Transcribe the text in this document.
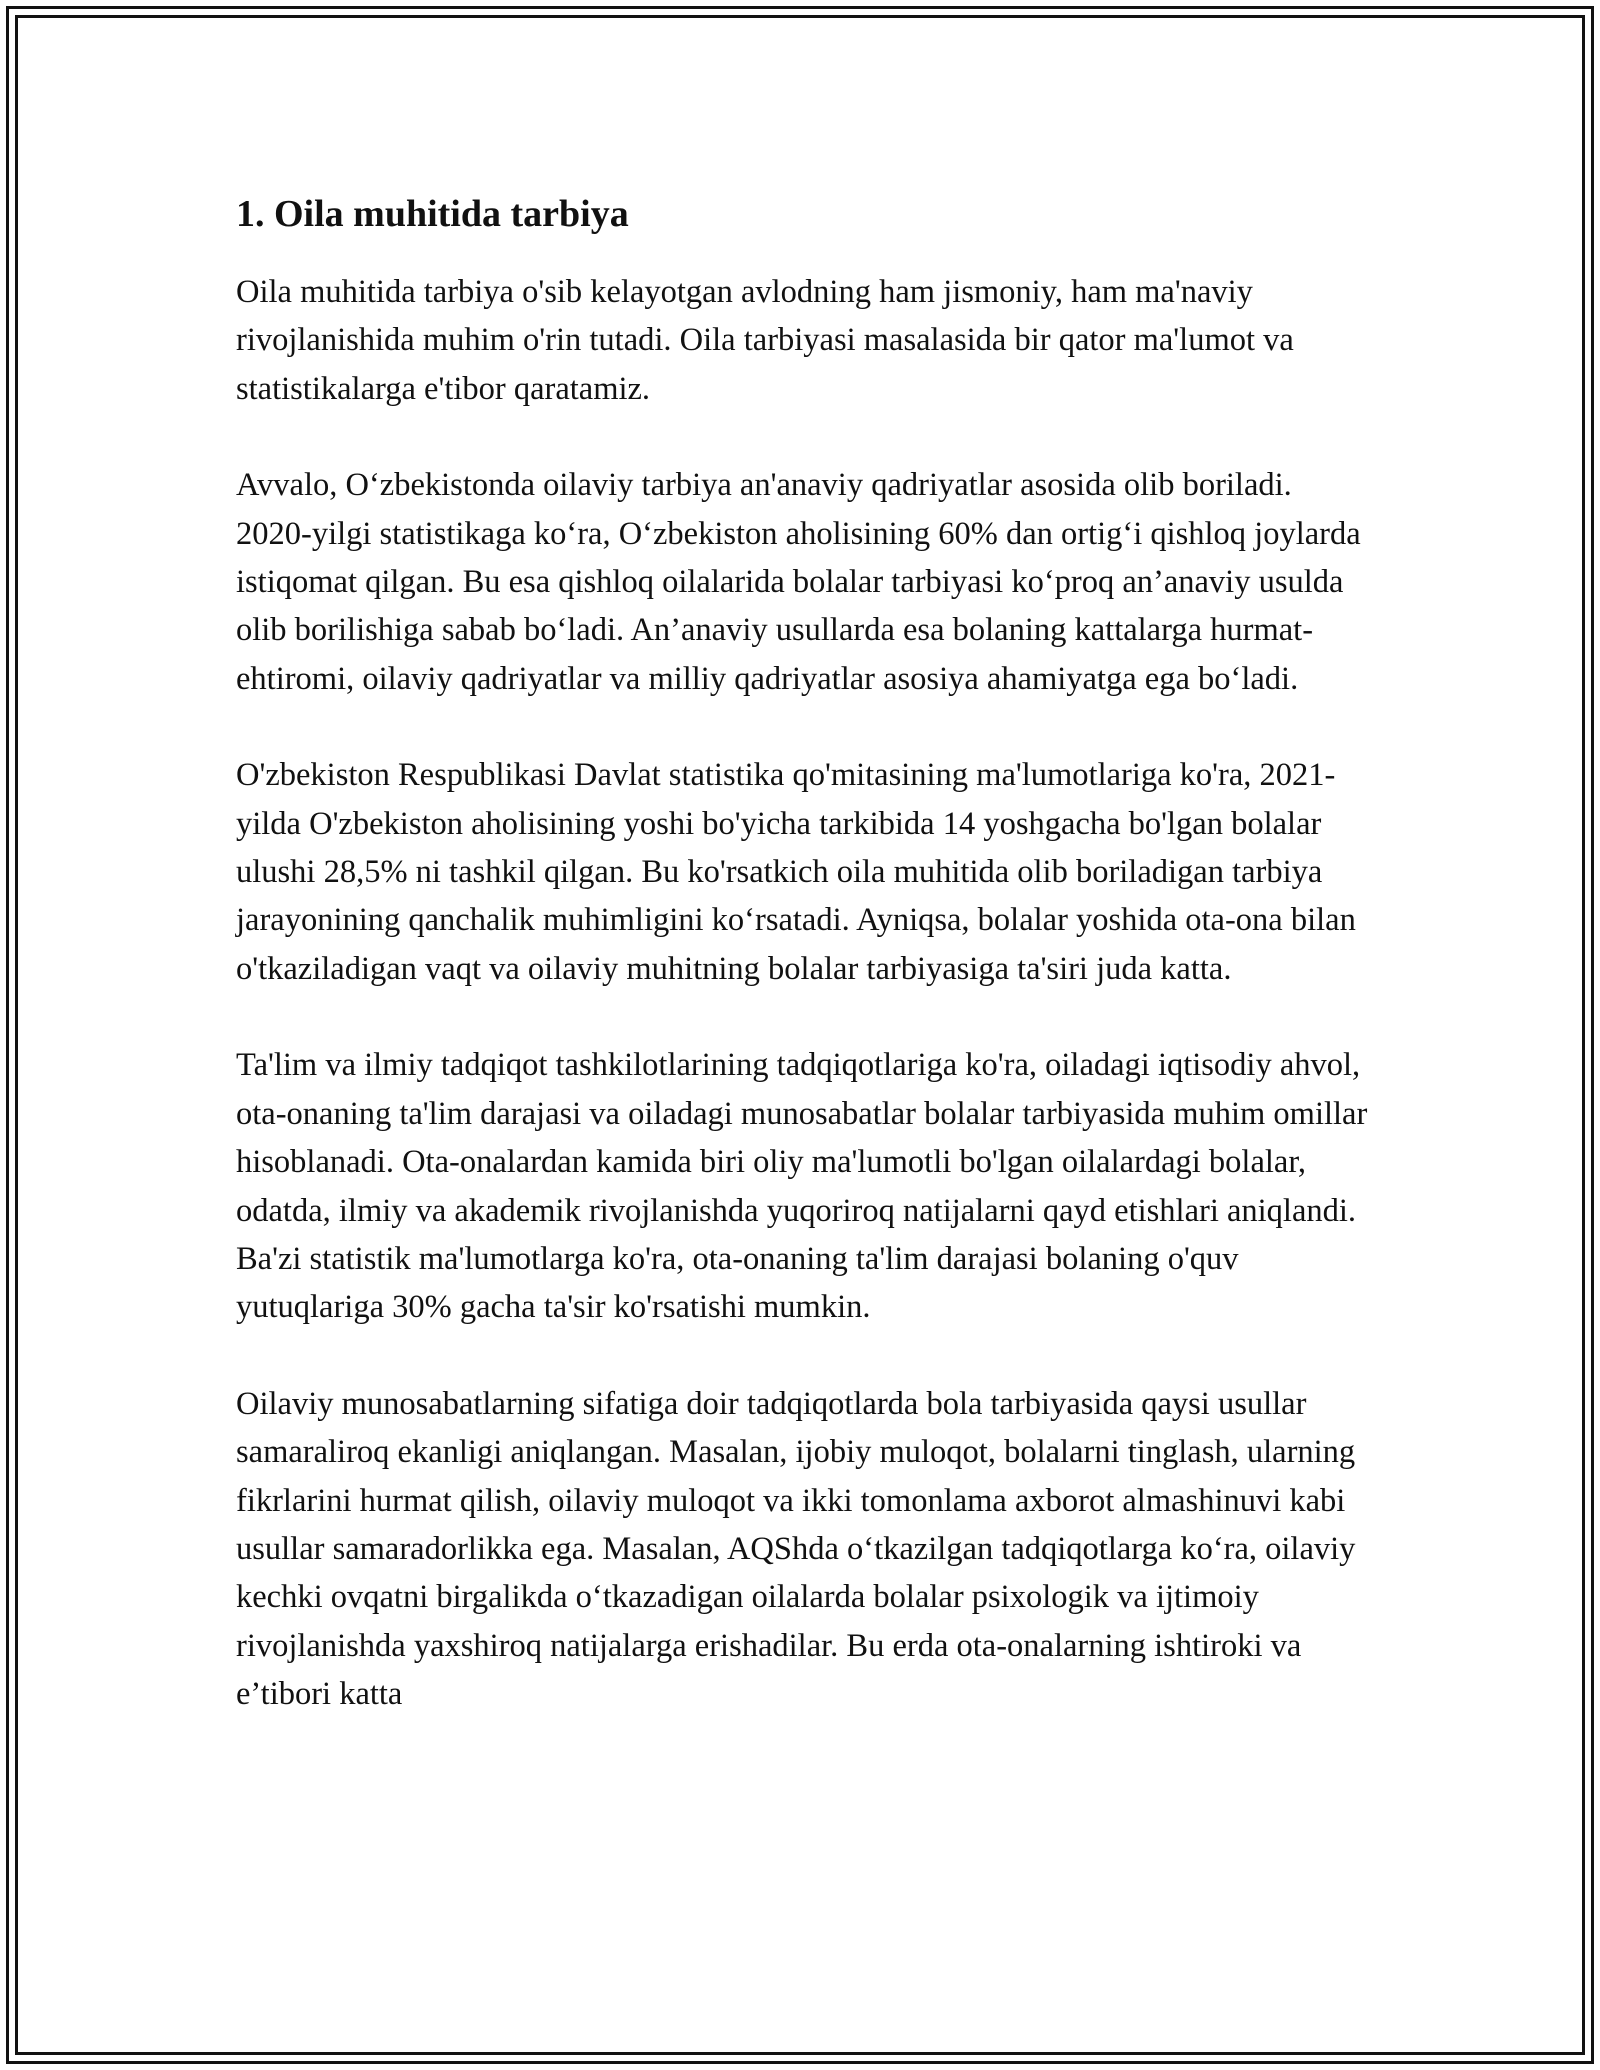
1. Oila muhitida tarbiya

Oila muhitida tarbiya o'sib kelayotgan avlodning ham jismoniy, ham ma'naviy rivojlanishida muhim o'rin tutadi. Oila tarbiyasi masalasida bir qator ma'lumot va statistikalarga e'tibor qaratamiz.

Avvalo, O‘zbekistonda oilaviy tarbiya an'anaviy qadriyatlar asosida olib boriladi. 2020-yilgi statistikaga ko‘ra, O‘zbekiston aholisining 60% dan ortig‘i qishloq joylarda istiqomat qilgan. Bu esa qishloq oilalarida bolalar tarbiyasi ko‘proq an’anaviy usulda olib borilishiga sabab bo‘ladi. An’anaviy usullarda esa bolaning kattalarga hurmat-ehtiromi, oilaviy qadriyatlar va milliy qadriyatlar asosiya ahamiyatga ega bo‘ladi.

O'zbekiston Respublikasi Davlat statistika qo'mitasining ma'lumotlariga ko'ra, 2021-yilda O'zbekiston aholisining yoshi bo'yicha tarkibida 14 yoshgacha bo'lgan bolalar ulushi 28,5% ni tashkil qilgan. Bu ko'rsatkich oila muhitida olib boriladigan tarbiya jarayonining qanchalik muhimligini ko‘rsatadi. Ayniqsa, bolalar yoshida ota-ona bilan o'tkaziladigan vaqt va oilaviy muhitning bolalar tarbiyasiga ta'siri juda katta.

Ta'lim va ilmiy tadqiqot tashkilotlarining tadqiqotlariga ko'ra, oiladagi iqtisodiy ahvol, ota-onaning ta'lim darajasi va oiladagi munosabatlar bolalar tarbiyasida muhim omillar hisoblanadi. Ota-onalardan kamida biri oliy ma'lumotli bo'lgan oilalardagi bolalar, odatda, ilmiy va akademik rivojlanishda yuqoriroq natijalarni qayd etishlari aniqlandi. Ba'zi statistik ma'lumotlarga ko'ra, ota-onaning ta'lim darajasi bolaning o'quv yutuqlariga 30% gacha ta'sir ko'rsatishi mumkin.

Oilaviy munosabatlarning sifatiga doir tadqiqotlarda bola tarbiyasida qaysi usullar samaraliroq ekanligi aniqlangan. Masalan, ijobiy muloqot, bolalarni tinglash, ularning fikrlarini hurmat qilish, oilaviy muloqot va ikki tomonlama axborot almashinuvi kabi usullar samaradorlikka ega. Masalan, AQShda o‘tkazilgan tadqiqotlarga ko‘ra, oilaviy kechki ovqatni birgalikda o‘tkazadigan oilalarda bolalar psixologik va ijtimoiy rivojlanishda yaxshiroq natijalarga erishadilar. Bu erda ota-onalarning ishtiroki va e’tibori katta
